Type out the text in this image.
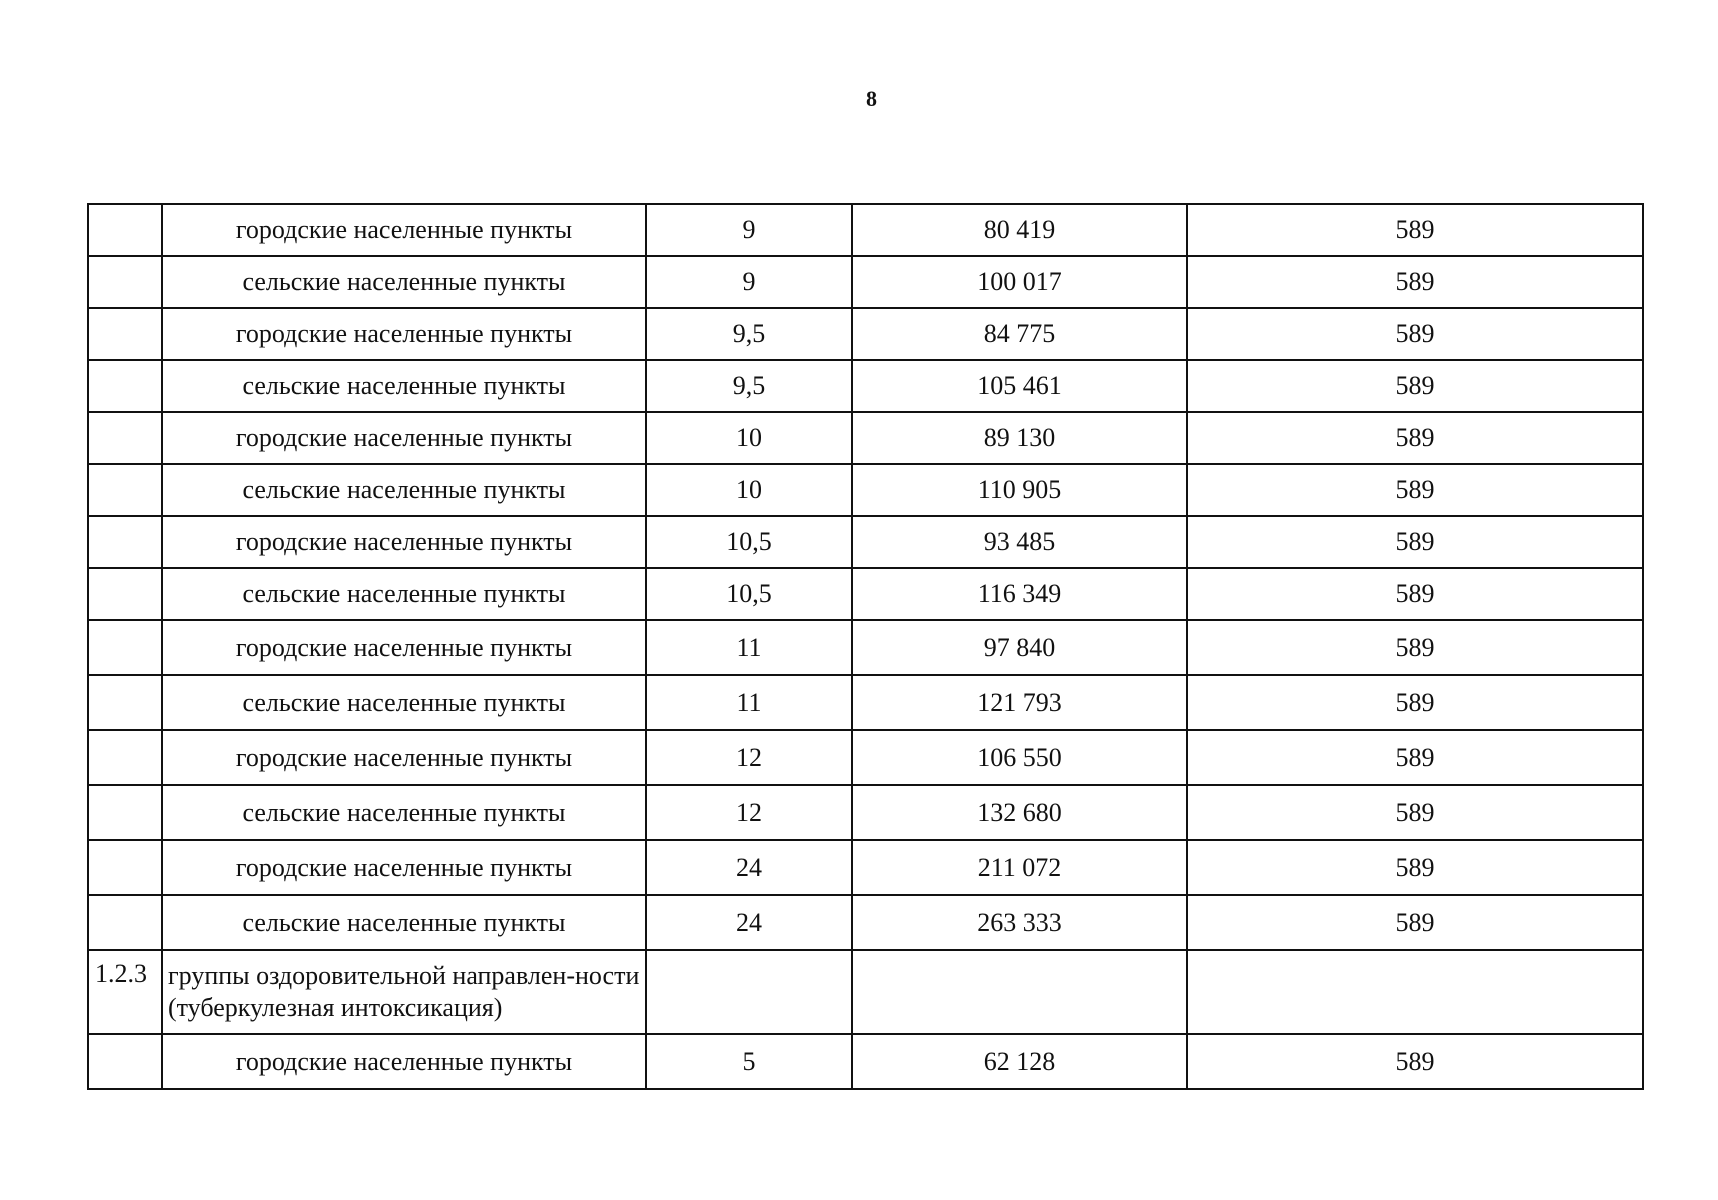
8
	городские населенные пункты	9	80 419	589
	сельские населенные пункты	9	100 017	589
	городские населенные пункты	9,5	84 775	589
	сельские населенные пункты	9,5	105 461	589
	городские населенные пункты	10	89 130	589
	сельские населенные пункты	10	110 905	589
	городские населенные пункты	10,5	93 485	589
	сельские населенные пункты	10,5	116 349	589
	городские населенные пункты	11	97 840	589
	сельские населенные пункты	11	121 793	589
	городские населенные пункты	12	106 550	589
	сельские населенные пункты	12	132 680	589
	городские населенные пункты	24	211 072	589
	сельские населенные пункты	24	263 333	589
1.2.3	группы оздоровительной направлен-ности (туберкулезная интоксикация)			
	городские населенные пункты	5	62 128	589
